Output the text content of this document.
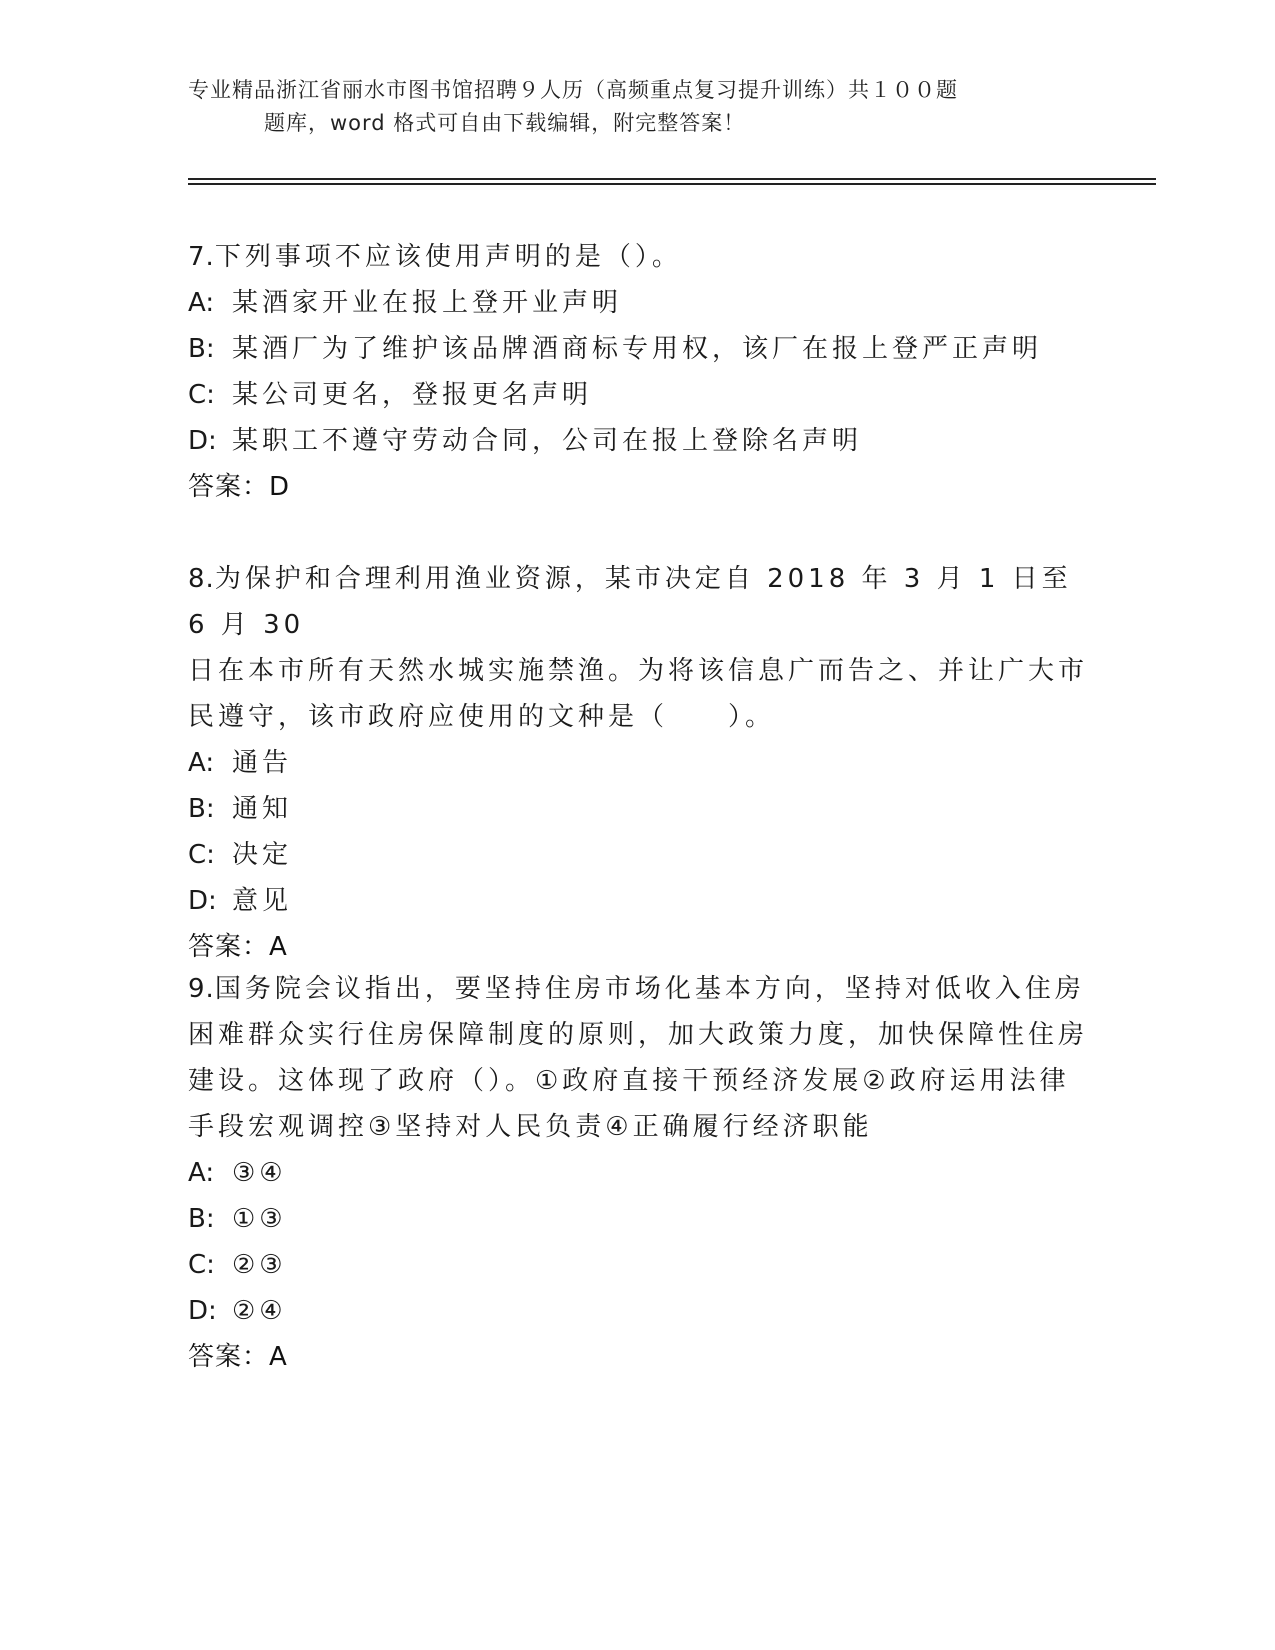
专业精品浙江省丽水市图书馆招聘９人历（高频重点复习提升训练）共１００题
题库，word 格式可自由下载编辑，附完整答案！
7.下列事项不应该使用声明的是（）。
A: 某酒家开业在报上登开业声明
B: 某酒厂为了维护该品牌酒商标专用权，该厂在报上登严正声明
C: 某公司更名，登报更名声明
D: 某职工不遵守劳动合同，公司在报上登除名声明
答案：D
8.为保护和合理利用渔业资源，某市决定自 2018 年 3 月 1 日至 6 月 30
日在本市所有天然水城实施禁渔。为将该信息广而告之、并让广大市
民遵守，该市政府应使用的文种是（　　）。
A: 通告
B: 通知
C: 决定
D: 意见
答案：A
9.国务院会议指出，要坚持住房市场化基本方向，坚持对低收入住房
困难群众实行住房保障制度的原则，加大政策力度，加快保障性住房
建设。这体现了政府（）。①政府直接干预经济发展②政府运用法律
手段宏观调控③坚持对人民负责④正确履行经济职能
A: ③④
B: ①③
C: ②③
D: ②④
答案：A
